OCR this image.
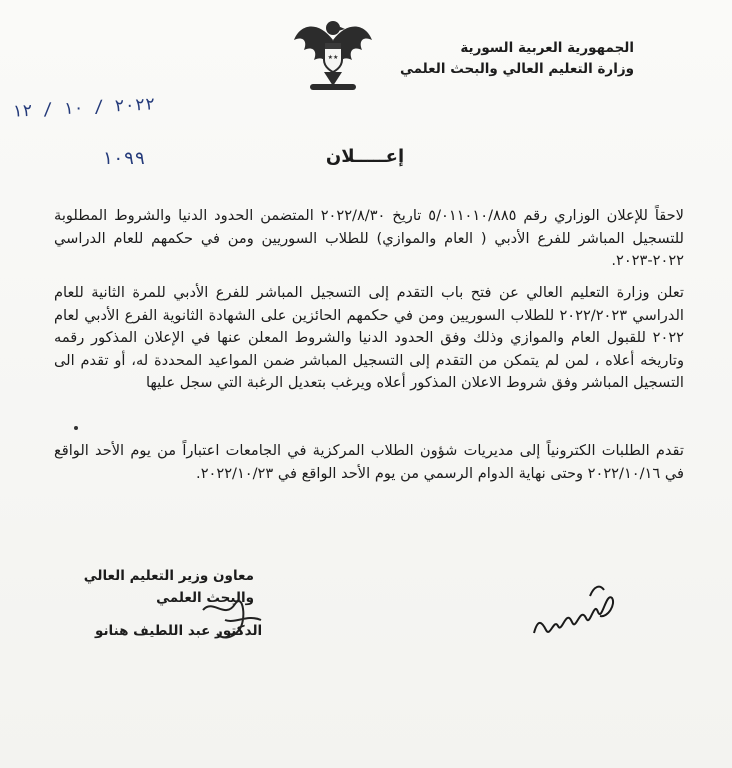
الجمهورية العربية السورية
وزارة التعليم العالي والبحث العلمي
★★
٢٠٢٢ / ١٠ / ١٢
١٠٩٩	إعـــــلان
لاحقاً للإعلان الوزاري رقم ٥/٠١١٠١٠/٨٨٥ تاريخ ٢٠٢٢/٨/٣٠ المتضمن الحدود الدنيا والشروط المطلوبة للتسجيل المباشر للفرع الأدبي ( العام والموازي) للطلاب السوريين ومن في حكمهم للعام الدراسي ٢٠٢٢-٢٠٢٣.
تعلن وزارة التعليم العالي عن فتح باب التقدم إلى التسجيل المباشر للفرع الأدبي للمرة الثانية للعام الدراسي ٢٠٢٢/٢٠٢٣ للطلاب السوريين ومن في حكمهم الحائزين على الشهادة الثانوية الفرع الأدبي لعام ٢٠٢٢ للقبول العام والموازي وذلك وفق الحدود الدنيا والشروط المعلن عنها في الإعلان المذكور رقمه وتاريخه أعلاه ، لمن لم يتمكن من التقدم إلى التسجيل المباشر ضمن المواعيد المحددة له، أو تقدم الى التسجيل المباشر وفق شروط الاعلان المذكور أعلاه ويرغب بتعديل الرغبة التي سجل عليها
تقدم الطلبات الكترونياً إلى مديريات شؤون الطلاب المركزية في الجامعات اعتباراً من يوم الأحد الواقع في ٢٠٢٢/١٠/١٦ وحتى نهاية الدوام الرسمي من يوم الأحد الواقع في ٢٠٢٢/١٠/٢٣.
معاون وزير التعليم العالي
والبحث العلمي
الدكتور عبد اللطيف هنانو
